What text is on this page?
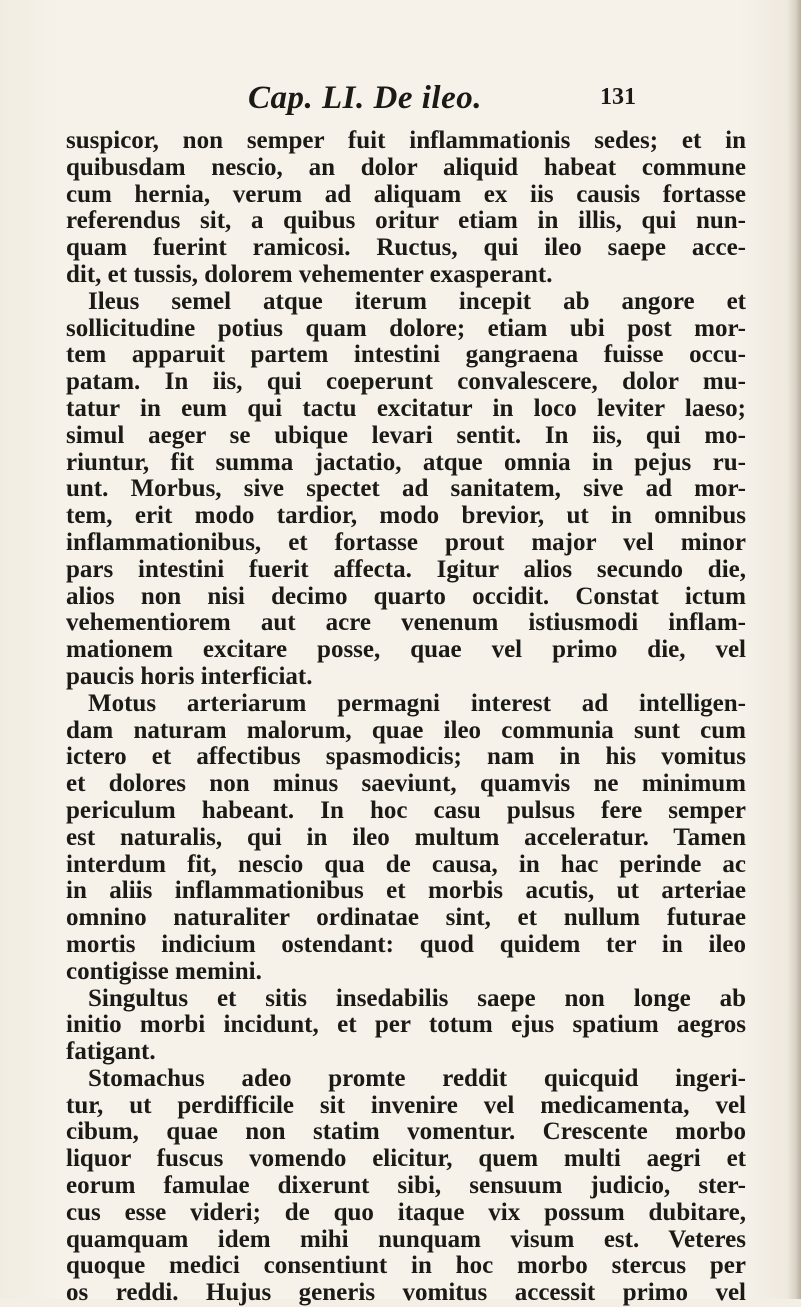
Cap. LI. De ileo.	131
suspicor, non semper fuit inflammationis sedes; et in
quibusdam nescio, an dolor aliquid habeat commune
cum hernia, verum ad aliquam ex iis causis fortasse
referendus sit, a quibus oritur etiam in illis, qui nun-
quam fuerint ramicosi. Ructus, qui ileo saepe acce-
dit, et tussis, dolorem vehementer exasperant.
Ileus semel atque iterum incepit ab angore et
sollicitudine potius quam dolore; etiam ubi post mor-
tem apparuit partem intestini gangraena fuisse occu-
patam. In iis, qui coeperunt convalescere, dolor mu-
tatur in eum qui tactu excitatur in loco leviter laeso;
simul aeger se ubique levari sentit. In iis, qui mo-
riuntur, fit summa jactatio, atque omnia in pejus ru-
unt. Morbus, sive spectet ad sanitatem, sive ad mor-
tem, erit modo tardior, modo brevior, ut in omnibus
inflammationibus, et fortasse prout major vel minor
pars intestini fuerit affecta. Igitur alios secundo die,
alios non nisi decimo quarto occidit. Constat ictum
vehementiorem aut acre venenum istiusmodi inflam-
mationem excitare posse, quae vel primo die, vel
paucis horis interficiat.
Motus arteriarum permagni interest ad intelligen-
dam naturam malorum, quae ileo communia sunt cum
ictero et affectibus spasmodicis; nam in his vomitus
et dolores non minus saeviunt, quamvis ne minimum
periculum habeant. In hoc casu pulsus fere semper
est naturalis, qui in ileo multum acceleratur. Tamen
interdum fit, nescio qua de causa, in hac perinde ac
in aliis inflammationibus et morbis acutis, ut arteriae
omnino naturaliter ordinatae sint, et nullum futurae
mortis indicium ostendant: quod quidem ter in ileo
contigisse memini.
Singultus et sitis insedabilis saepe non longe ab
initio morbi incidunt, et per totum ejus spatium aegros
fatigant.
Stomachus adeo promte reddit quicquid ingeri-
tur, ut perdifficile sit invenire vel medicamenta, vel
cibum, quae non statim vomentur. Crescente morbo
liquor fuscus vomendo elicitur, quem multi aegri et
eorum famulae dixerunt sibi, sensuum judicio, ster-
cus esse videri; de quo itaque vix possum dubitare,
quamquam idem mihi nunquam visum est. Veteres
quoque medici consentiunt in hoc morbo stercus per
os reddi. Hujus generis vomitus accessit primo vel
